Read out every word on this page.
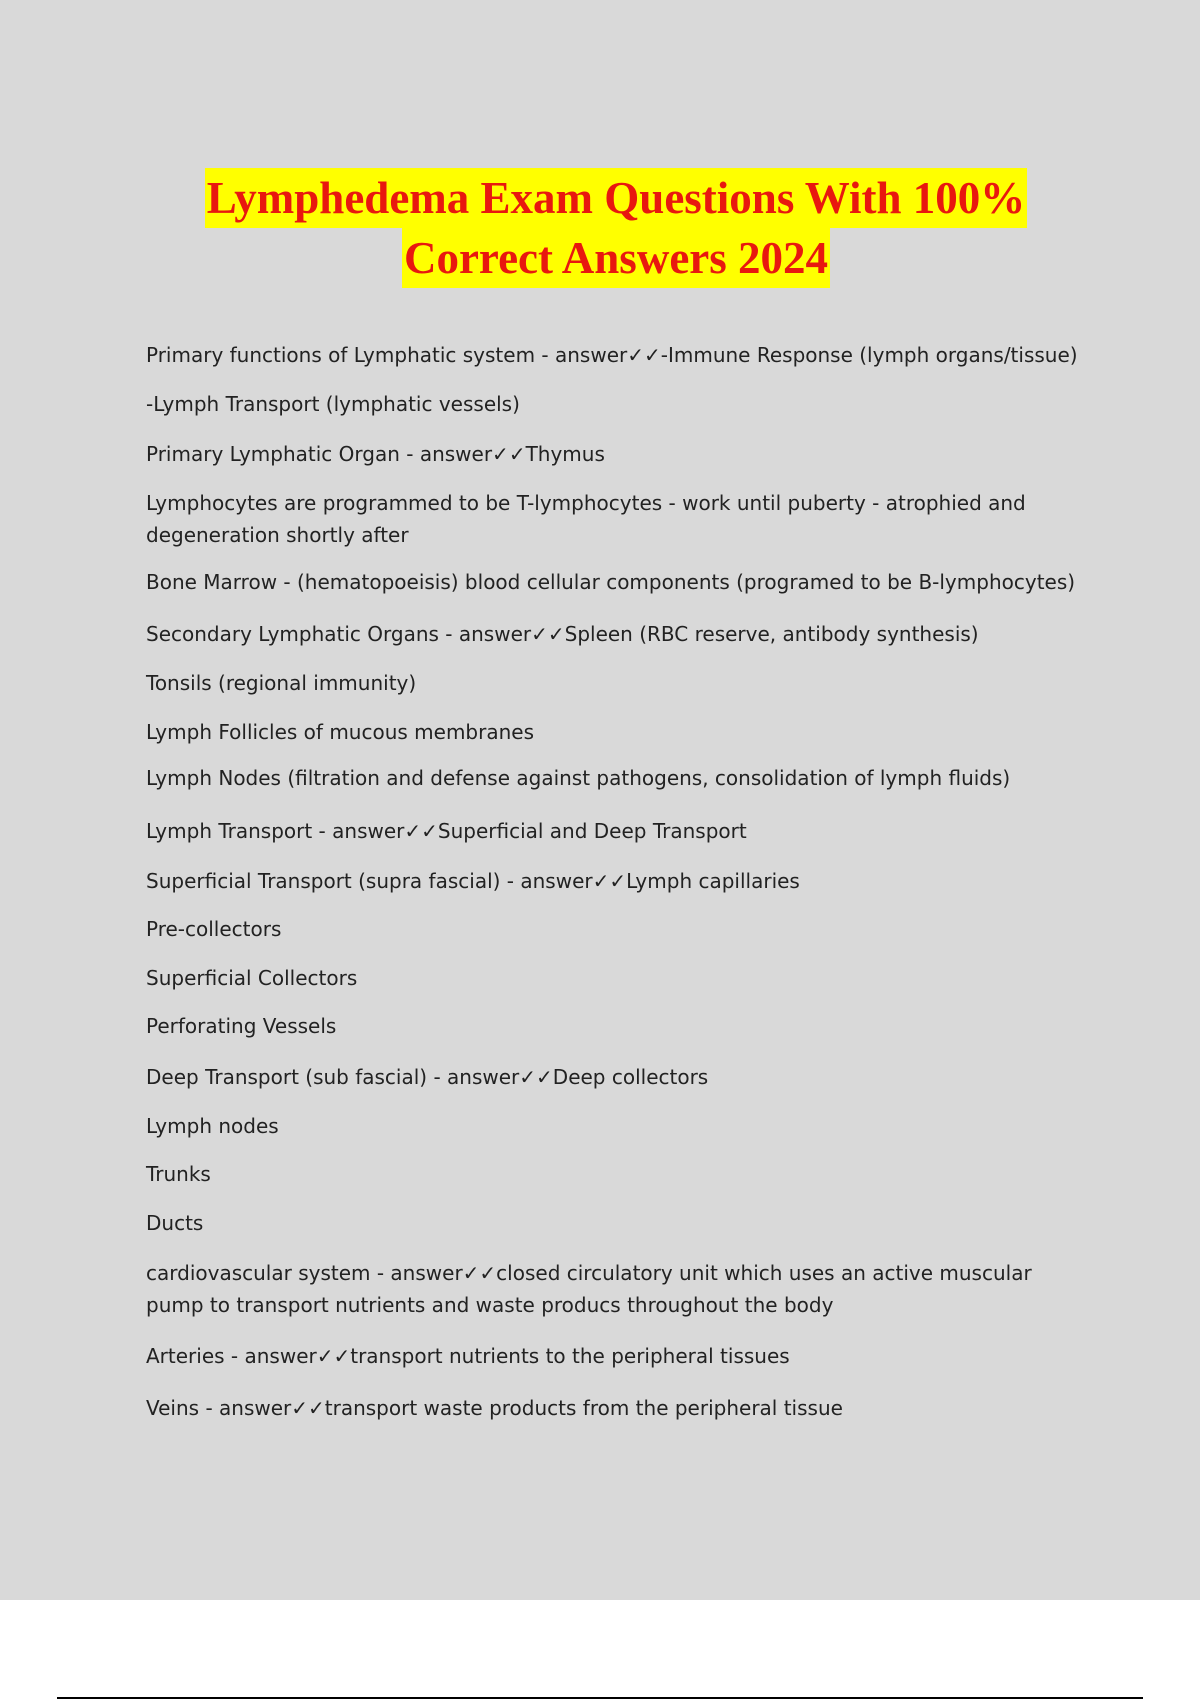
Lymphedema Exam Questions With 100%
Correct Answers 2024

Primary functions of Lymphatic system - answer✓✓-Immune Response (lymph organs/tissue)

-Lymph Transport (lymphatic vessels)

Primary Lymphatic Organ - answer✓✓Thymus

Lymphocytes are programmed to be T-lymphocytes - work until puberty - atrophied and degeneration shortly after

Bone Marrow - (hematopoeisis) blood cellular components (programed to be B-lymphocytes)

Secondary Lymphatic Organs - answer✓✓Spleen (RBC reserve, antibody synthesis)

Tonsils (regional immunity)

Lymph Follicles of mucous membranes

Lymph Nodes (filtration and defense against pathogens, consolidation of lymph fluids)

Lymph Transport - answer✓✓Superficial and Deep Transport

Superficial Transport (supra fascial) - answer✓✓Lymph capillaries

Pre-collectors

Superficial Collectors

Perforating Vessels

Deep Transport (sub fascial) - answer✓✓Deep collectors

Lymph nodes

Trunks

Ducts

cardiovascular system - answer✓✓closed circulatory unit which uses an active muscular pump to transport nutrients and waste producs throughout the body

Arteries - answer✓✓transport nutrients to the peripheral tissues

Veins - answer✓✓transport waste products from the peripheral tissue
